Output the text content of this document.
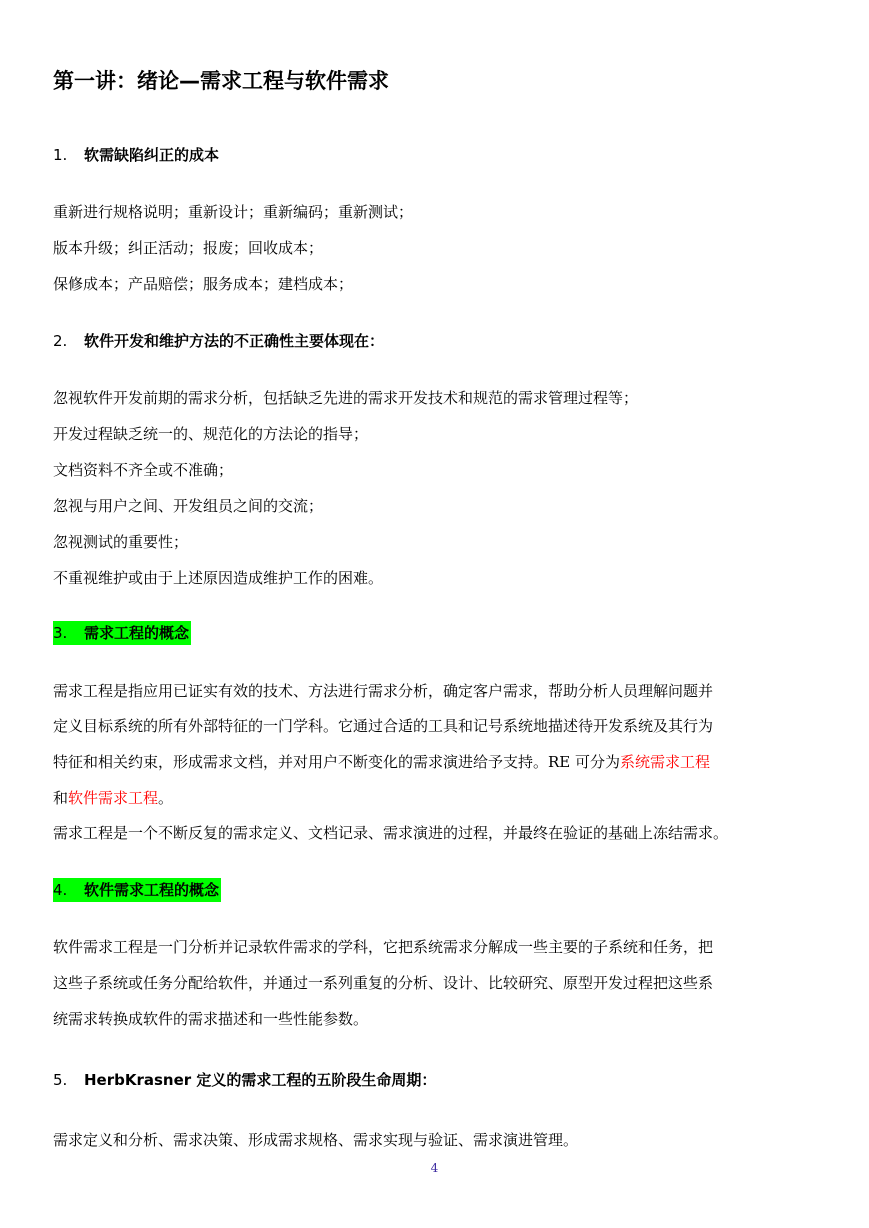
第一讲：绪论—需求工程与软件需求
1. 软需缺陷纠正的成本
重新进行规格说明；重新设计；重新编码；重新测试；
版本升级；纠正活动；报废；回收成本；
保修成本；产品赔偿；服务成本；建档成本；
2. 软件开发和维护方法的不正确性主要体现在：
忽视软件开发前期的需求分析，包括缺乏先进的需求开发技术和规范的需求管理过程等；
开发过程缺乏统一的、规范化的方法论的指导；
文档资料不齐全或不准确；
忽视与用户之间、开发组员之间的交流；
忽视测试的重要性；
不重视维护或由于上述原因造成维护工作的困难。
3. 需求工程的概念
需求工程是指应用已证实有效的技术、方法进行需求分析，确定客户需求，帮助分析人员理解问题并
定义目标系统的所有外部特征的一门学科。它通过合适的工具和记号系统地描述待开发系统及其行为
特征和相关约束，形成需求文档，并对用户不断变化的需求演进给予支持。RE 可分为系统需求工程
和软件需求工程。
需求工程是一个不断反复的需求定义、文档记录、需求演进的过程，并最终在验证的基础上冻结需求。
4. 软件需求工程的概念
软件需求工程是一门分析并记录软件需求的学科，它把系统需求分解成一些主要的子系统和任务，把
这些子系统或任务分配给软件，并通过一系列重复的分析、设计、比较研究、原型开发过程把这些系
统需求转换成软件的需求描述和一些性能参数。
5. HerbKrasner 定义的需求工程的五阶段生命周期：
需求定义和分析、需求决策、形成需求规格、需求实现与验证、需求演进管理。
4
